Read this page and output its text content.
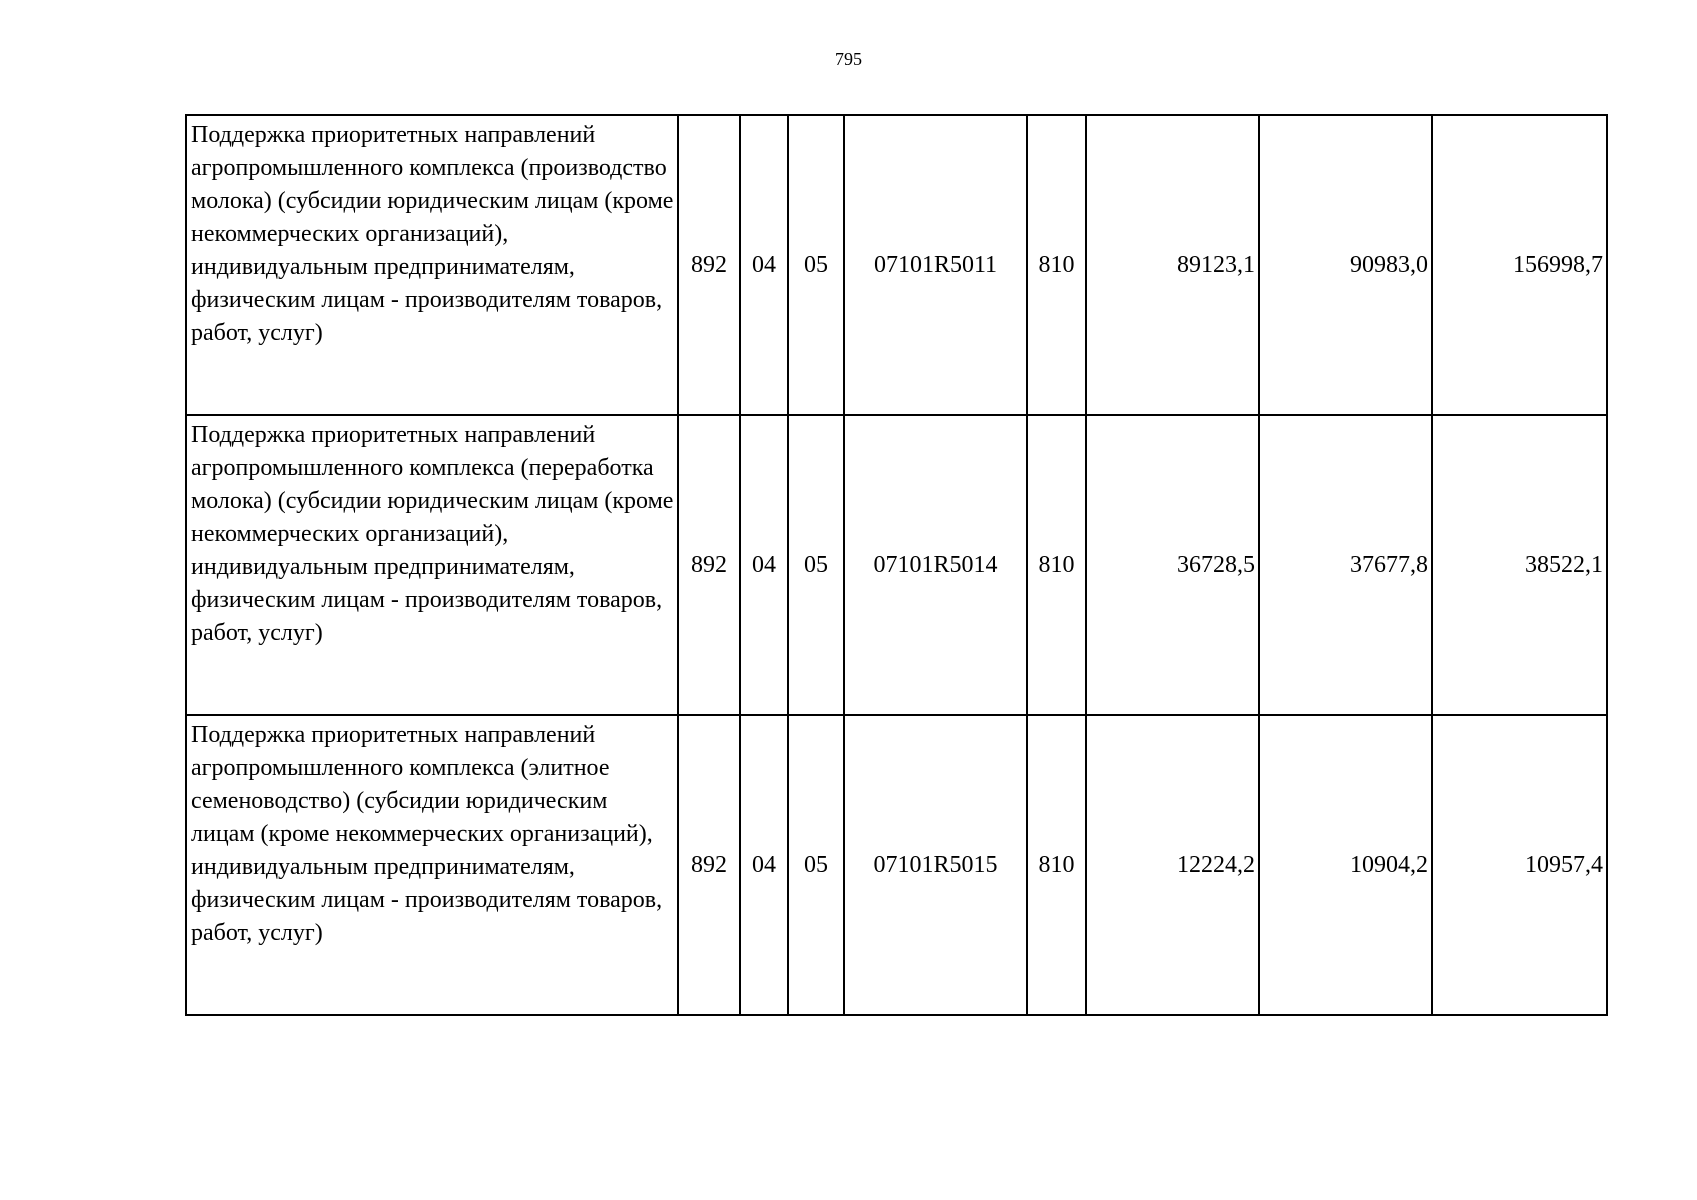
795
Поддержка приоритетных направлений агропромышленного комплекса (производство молока) (субсидии юридическим лицам (кроме некоммерческих организаций), индивидуальным предпринимателям, физическим лицам - производителям товаров, работ, услуг)	892	04	05	07101R5011	810	89123,1	90983,0	156998,7
Поддержка приоритетных направлений агропромышленного комплекса (переработка молока) (субсидии юридическим лицам (кроме некоммерческих организаций), индивидуальным предпринимателям, физическим лицам - производителям товаров, работ, услуг)	892	04	05	07101R5014	810	36728,5	37677,8	38522,1
Поддержка приоритетных направлений агропромышленного комплекса (элитное семеноводство) (субсидии юридическим лицам (кроме некоммерческих организаций), индивидуальным предпринимателям, физическим лицам - производителям товаров, работ, услуг)	892	04	05	07101R5015	810	12224,2	10904,2	10957,4
